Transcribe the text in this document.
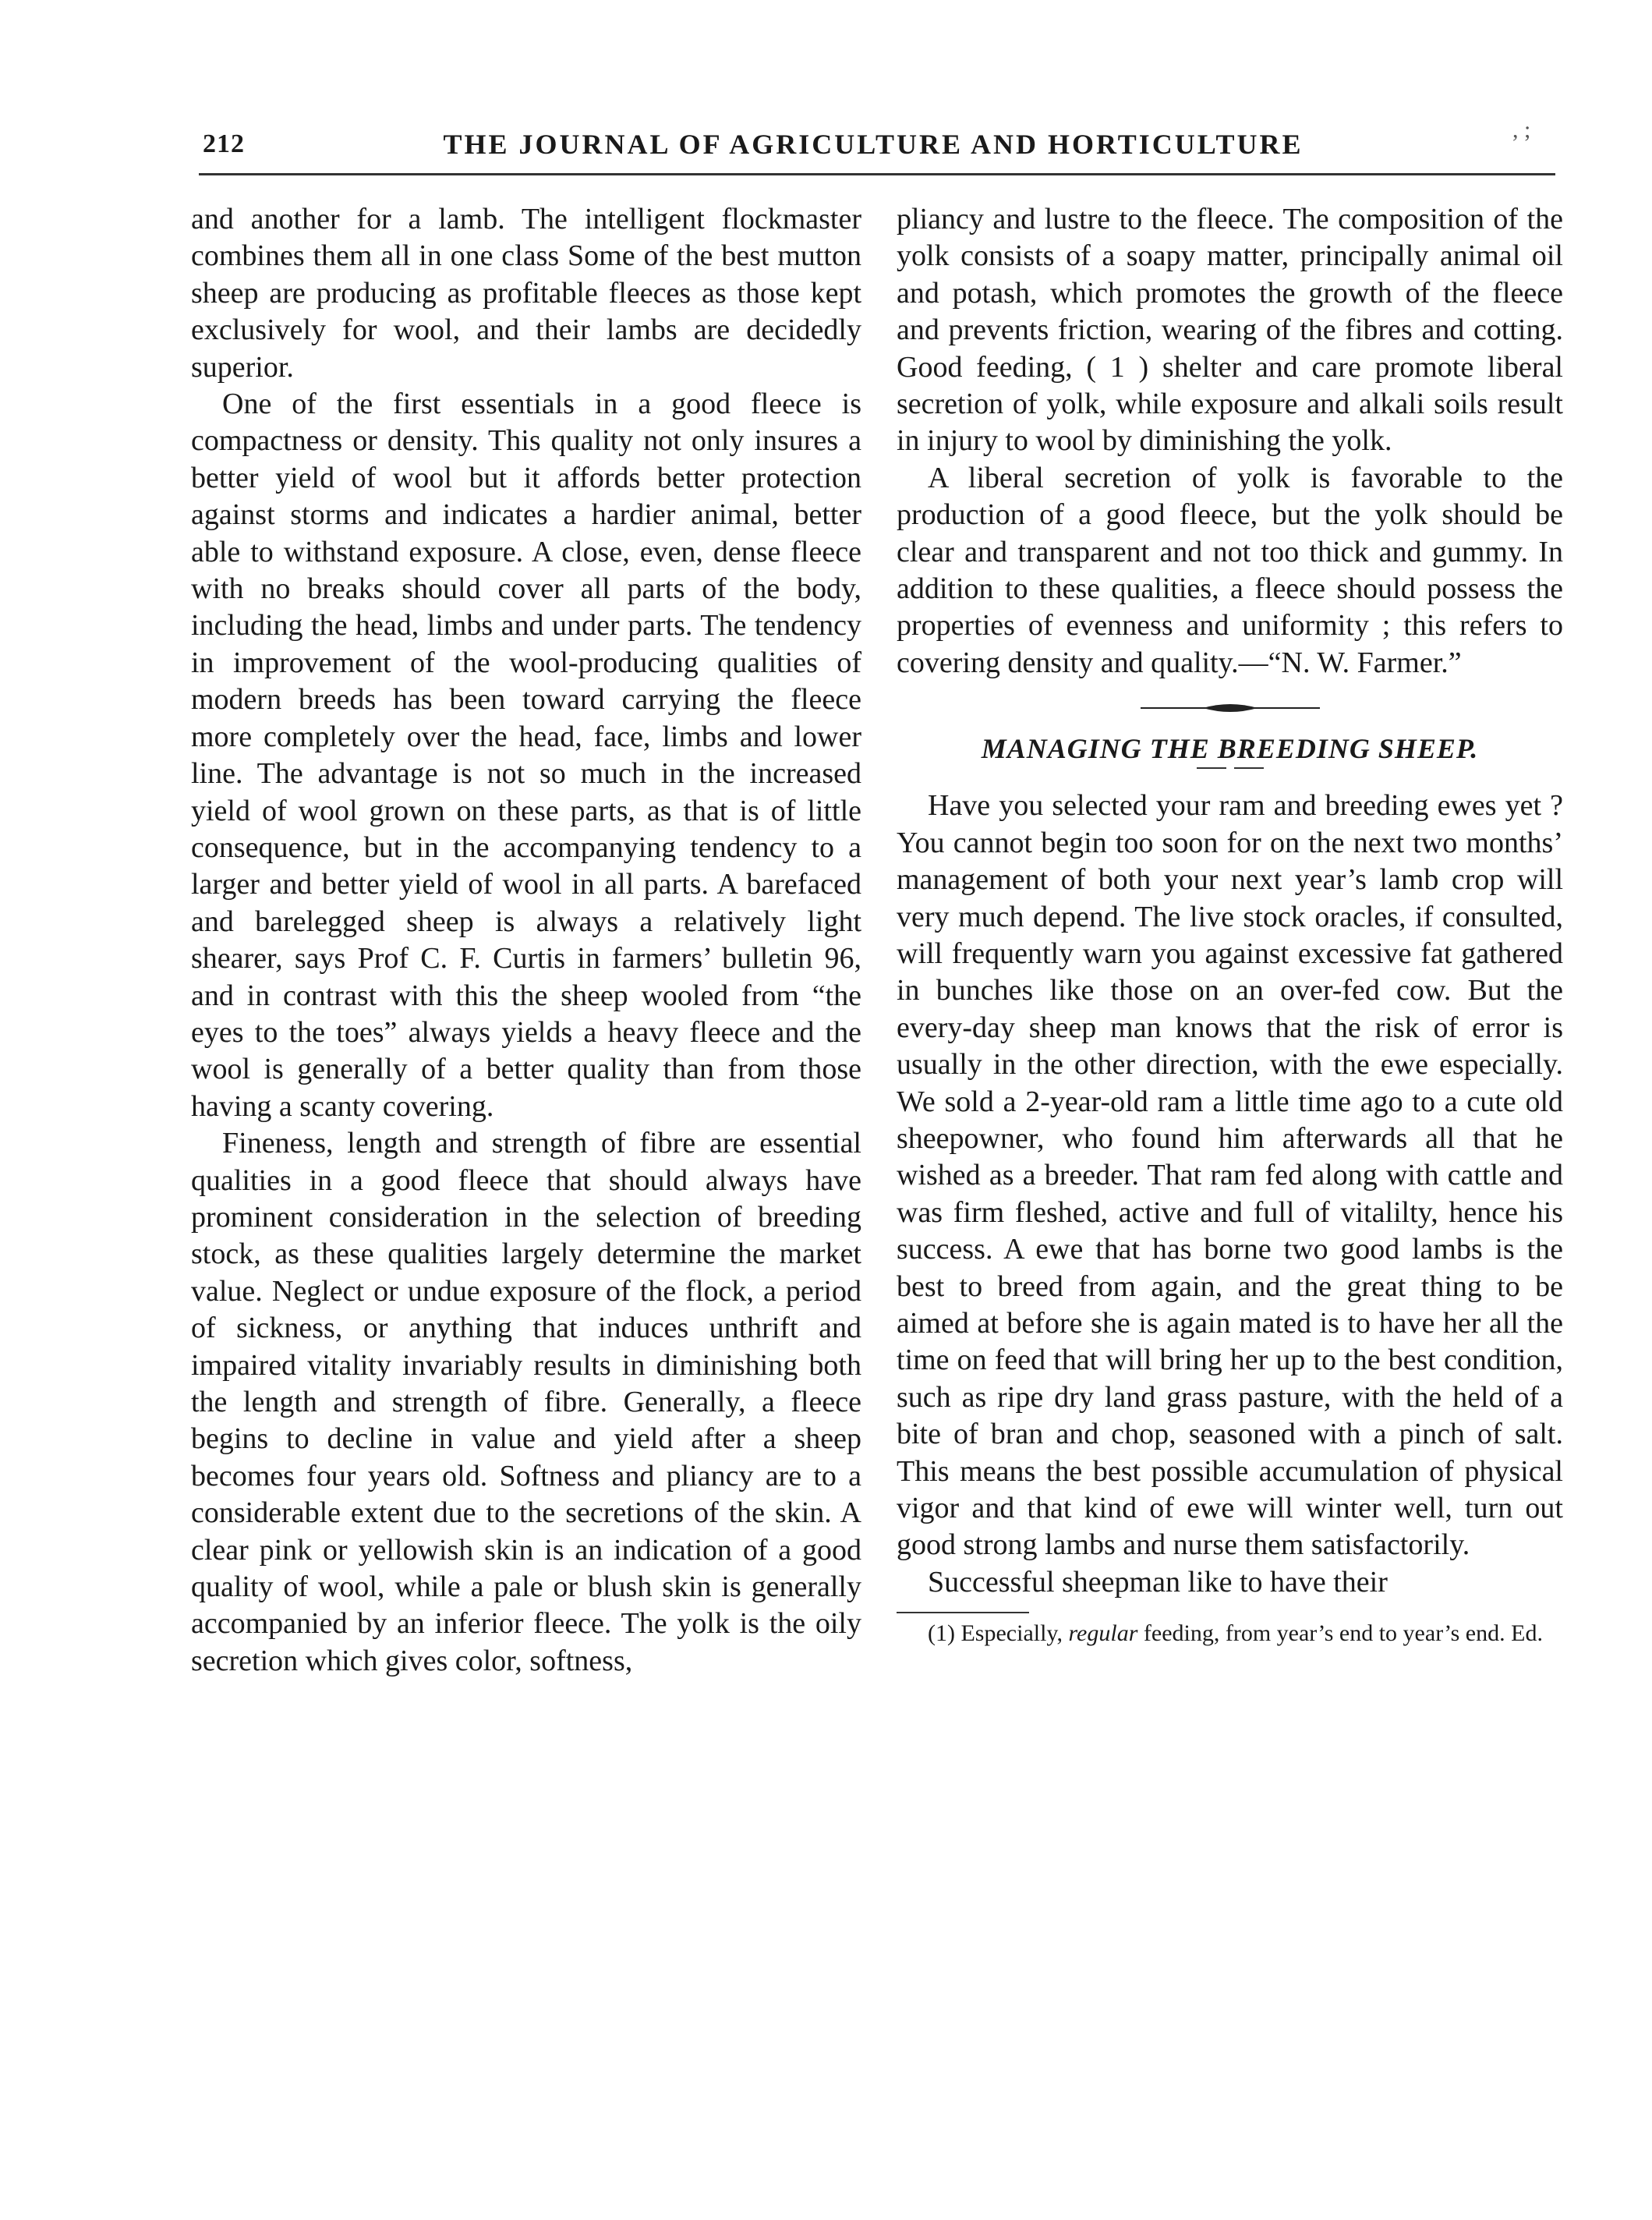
212	THE JOURNAL OF AGRICULTURE AND HORTICULTURE	, ;

and another for a lamb. The intelligent flockmaster combines them all in one class Some of the best mutton sheep are producing as profitable fleeces as those kept exclusively for wool, and their lambs are decidedly superior.

One of the first essentials in a good fleece is compactness or density. This quality not only insures a better yield of wool but it affords better protection against storms and indicates a hardier animal, better able to withstand exposure. A close, even, dense fleece with no breaks should cover all parts of the body, including the head, limbs and under parts. The tendency in improvement of the wool-producing qualities of modern breeds has been toward carrying the fleece more completely over the head, face, limbs and lower line. The advantage is not so much in the increased yield of wool grown on these parts, as that is of little consequence, but in the accompanying tendency to a larger and better yield of wool in all parts. A barefaced and barelegged sheep is always a relatively light shearer, says Prof C. F. Curtis in farmers’ bulletin 96, and in contrast with this the sheep wooled from “the eyes to the toes” always yields a heavy fleece and the wool is generally of a better quality than from those having a scanty covering.

Fineness, length and strength of fibre are essential qualities in a good fleece that should always have prominent consideration in the selection of breeding stock, as these qualities largely determine the market value. Neglect or undue exposure of the flock, a period of sickness, or anything that induces unthrift and impaired vitality invariably results in diminishing both the length and strength of fibre. Generally, a fleece begins to decline in value and yield after a sheep becomes four years old. Softness and pliancy are to a considerable extent due to the secretions of the skin. A clear pink or yellowish skin is an indication of a good quality of wool, while a pale or blush skin is generally accompanied by an inferior fleece. The yolk is the oily secretion which gives color, softness,

pliancy and lustre to the fleece. The composition of the yolk consists of a soapy matter, principally animal oil and potash, which promotes the growth of the fleece and prevents friction, wearing of the fibres and cotting. Good feeding, ( 1 ) shelter and care promote liberal secretion of yolk, while exposure and alkali soils result in injury to wool by diminishing the yolk.

A liberal secretion of yolk is favorable to the production of a good fleece, but the yolk should be clear and transparent and not too thick and gummy. In addition to these qualities, a fleece should possess the properties of evenness and uniformity ; this refers to covering density and quality.—“N. W. Farmer.”

MANAGING THE BREEDING SHEEP.

Have you selected your ram and breeding ewes yet ? You cannot begin too soon for on the next two months’ management of both your next year’s lamb crop will very much depend. The live stock oracles, if consulted, will frequently warn you against excessive fat gathered in bunches like those on an over-fed cow. But the every-day sheep man knows that the risk of error is usually in the other direction, with the ewe especially. We sold a 2-year-old ram a little time ago to a cute old sheepowner, who found him afterwards all that he wished as a breeder. That ram fed along with cattle and was firm fleshed, active and full of vitalilty, hence his success. A ewe that has borne two good lambs is the best to breed from again, and the great thing to be aimed at before she is again mated is to have her all the time on feed that will bring her up to the best condition, such as ripe dry land grass pasture, with the held of a bite of bran and chop, seasoned with a pinch of salt. This means the best possible accumulation of physical vigor and that kind of ewe will winter well, turn out good strong lambs and nurse them satisfactorily.

Successful sheepman like to have their

(1) Especially, regular feeding, from year’s end to year’s end. Ed.
